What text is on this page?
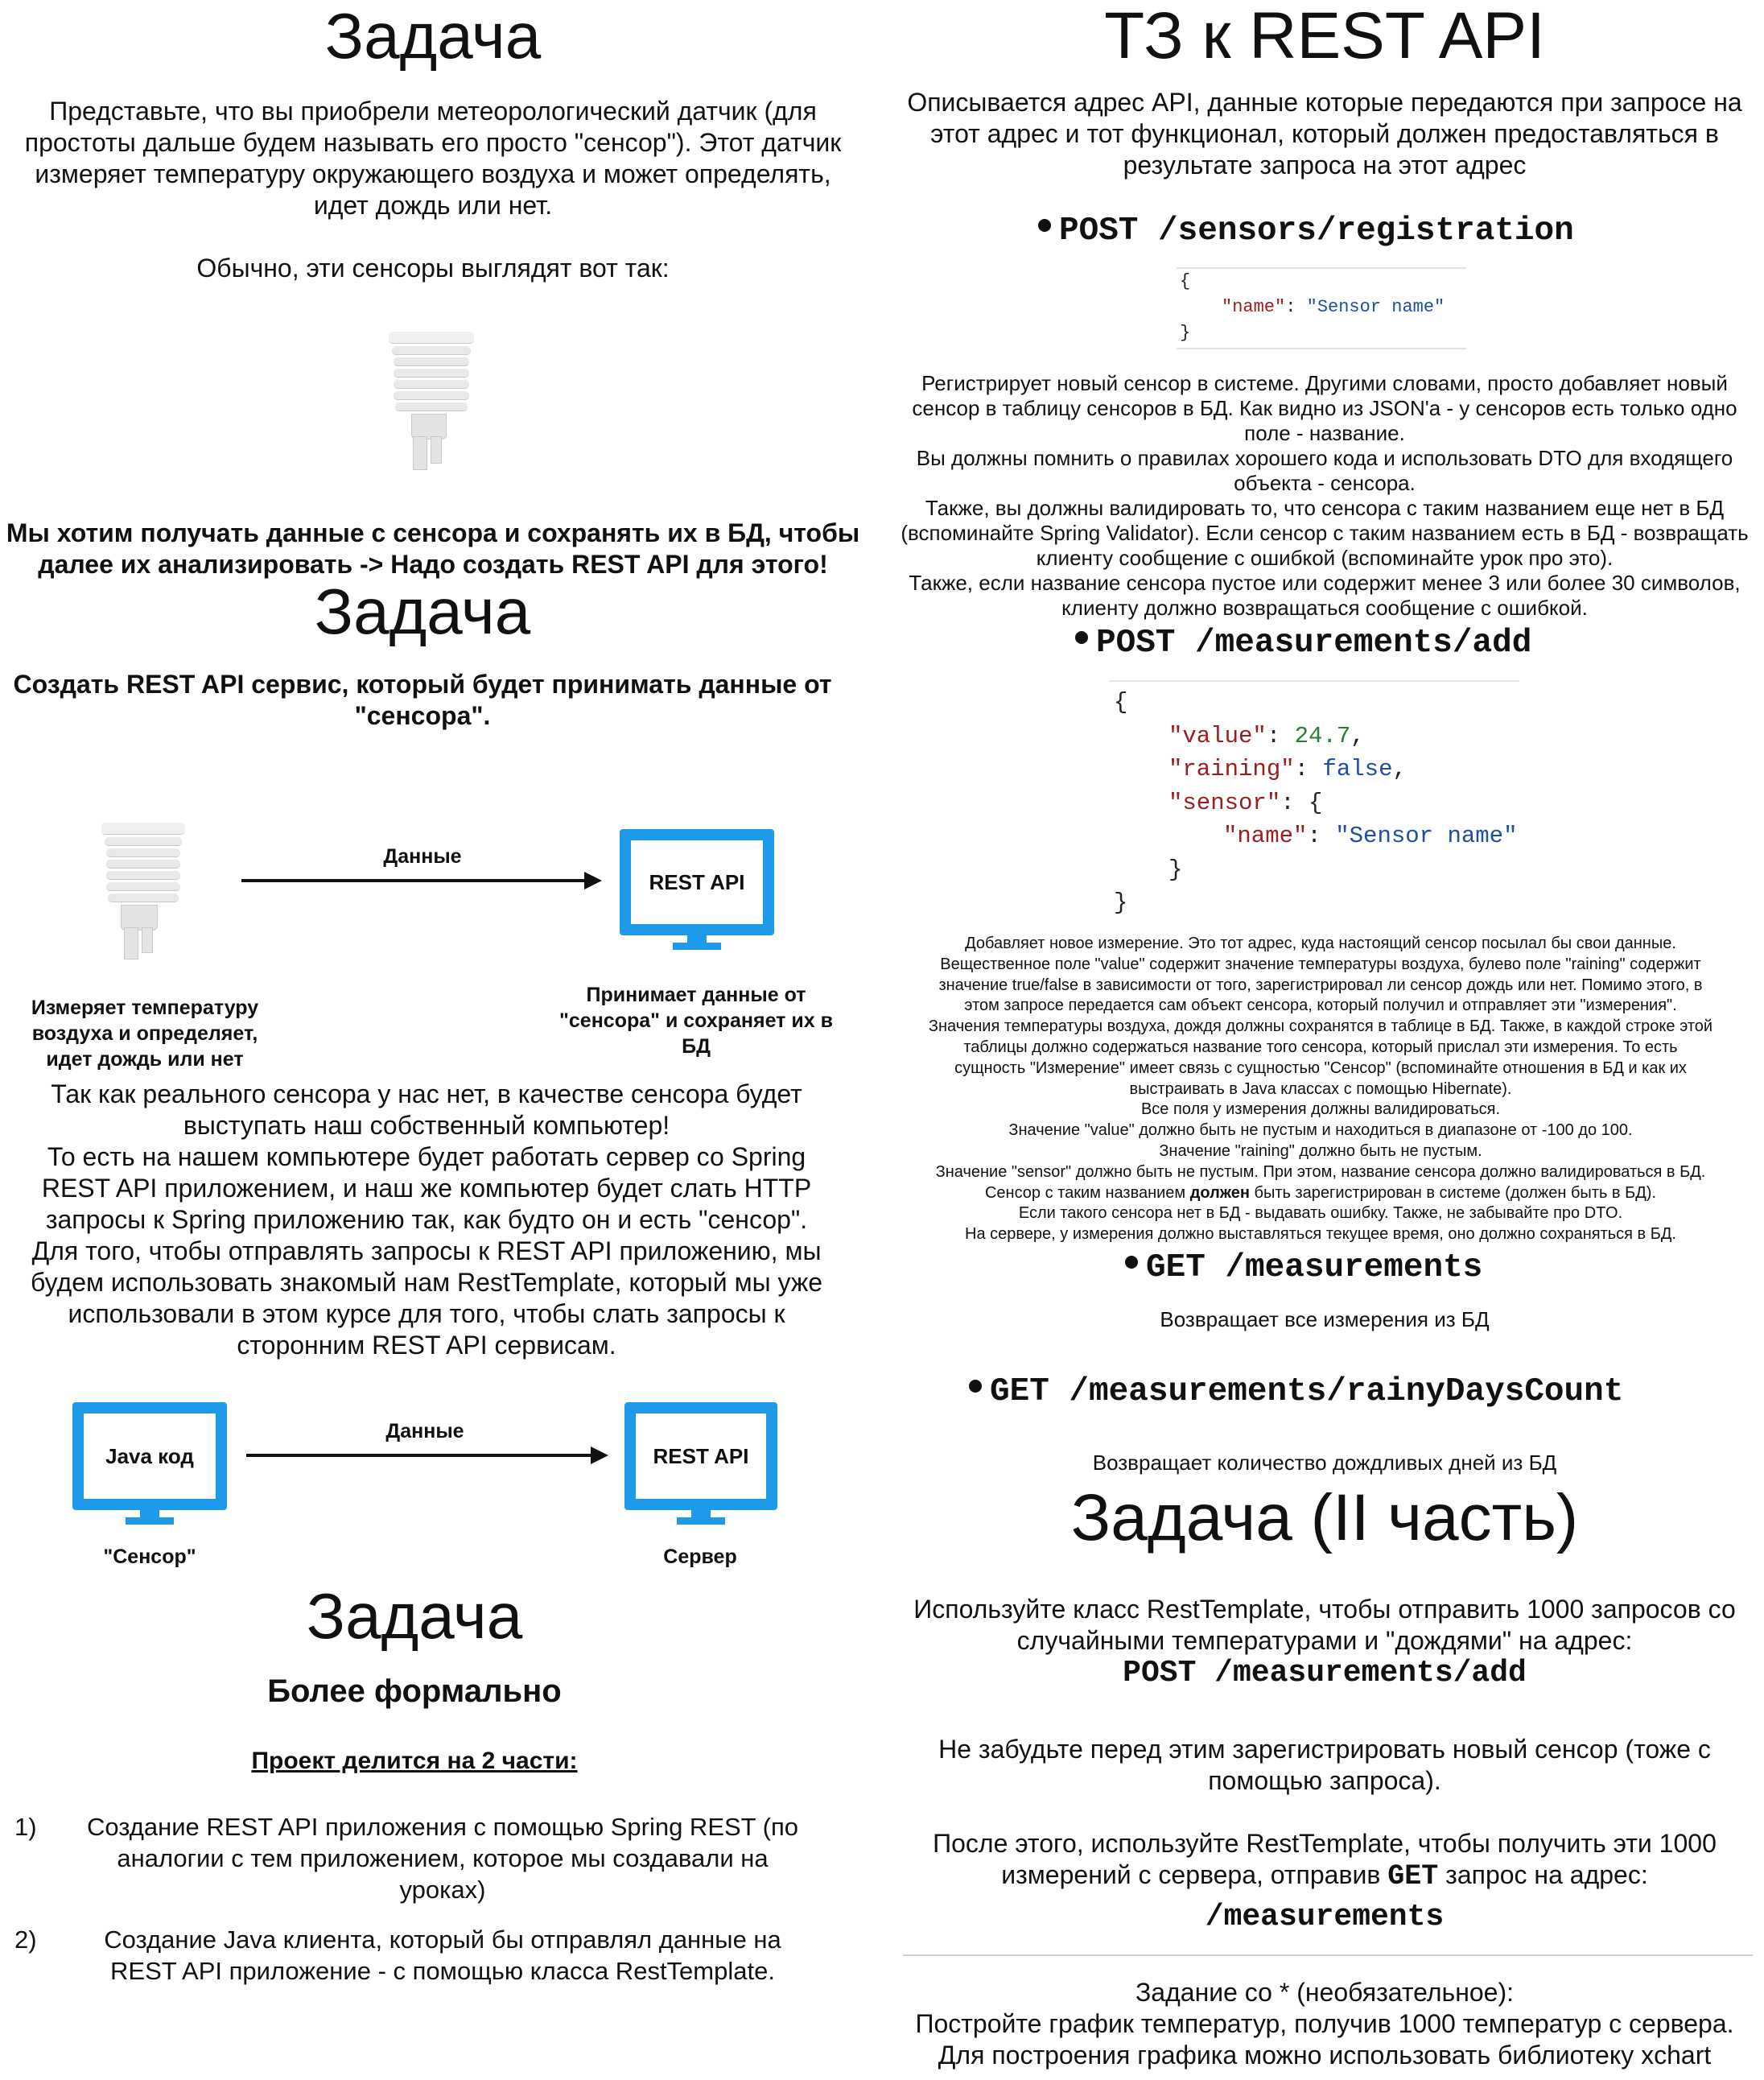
Задача
Представьте, что вы приобрели метеорологический датчик (для
простоты дальше будем называть его просто "сенсор"). Этот датчик
измеряет температуру окружающего воздуха и может определять,
идет дождь или нет.
Обычно, эти сенсоры выглядят вот так:
Мы хотим получать данные с сенсора и сохранять их в БД, чтобы
далее их анализировать -> Надо создать REST API для этого!
Задача
Создать REST API сервис, который будет принимать данные от
"сенсора".
Данные
REST API
Измеряет температуру
воздуха и определяет,
идет дождь или нет
Принимает данные от
"сенсора" и сохраняет их в
БД
Так как реального сенсора у нас нет, в качестве сенсора будет
выступать наш собственный компьютер!
То есть на нашем компьютере будет работать сервер со Spring
REST API приложением, и наш же компьютер будет слать HTTP
запросы к Spring приложению так, как будто он и есть "сенсор".
Для того, чтобы отправлять запросы к REST API приложению, мы
будем использовать знакомый нам RestTemplate, который мы уже
использовали в этом курсе для того, чтобы слать запросы к
сторонним REST API сервисам.
Java код
Данные
REST API
"Сенсор"	Сервер
Задача
Более формально
Проект делится на 2 части:
1)	Создание REST API приложения с помощью Spring REST (по
аналогии с тем приложением, которое мы создавали на
уроках)
2)	Создание Java клиента, который бы отправлял данные на
REST API приложение - с помощью класса RestTemplate.
ТЗ к REST API
Описывается адрес API, данные которые передаются при запросе на
этот адрес и тот функционал, который должен предоставляться в
результате запроса на этот адрес
POST /sensors/registration
{
"name": "Sensor name"
}
Регистрирует новый сенсор в системе. Другими словами, просто добавляет новый
сенсор в таблицу сенсоров в БД. Как видно из JSON'a - у сенсоров есть только одно
поле - название.
Вы должны помнить о правилах хорошего кода и использовать DTO для входящего
объекта - сенсора.
Также, вы должны валидировать то, что сенсора с таким названием еще нет в БД
(вспоминайте Spring Validator). Если сенсор с таким названием есть в БД - возвращать
клиенту сообщение с ошибкой (вспоминайте урок про это).
Также, если название сенсора пустое или содержит менее 3 или более 30 символов,
клиенту должно возвращаться сообщение с ошибкой.
POST /measurements/add
{
"value": 24.7,
"raining": false,
"sensor": {
"name": "Sensor name"
}
}
Добавляет новое измерение. Это тот адрес, куда настоящий сенсор посылал бы свои данные.
Вещественное поле "value" содержит значение температуры воздуха, булево поле "raining" содержит
значение true/false в зависимости от того, зарегистрировал ли сенсор дождь или нет. Помимо этого, в
этом запросе передается сам объект сенсора, который получил и отправляет эти "измерения".
Значения температуры воздуха, дождя должны сохранятся в таблице в БД. Также, в каждой строке этой
таблицы должно содержаться название того сенсора, который прислал эти измерения. То есть
сущность "Измерение" имеет связь с сущностью "Сенсор" (вспоминайте отношения в БД и как их
выстраивать в Java классах с помощью Hibernate).
Все поля у измерения должны валидироваться.
Значение "value" должно быть не пустым и находиться в диапазоне от -100 до 100.
Значение "raining" должно быть не пустым.
Значение "sensor" должно быть не пустым. При этом, название сенсора должно валидироваться в БД.
Сенсор с таким названием должен быть зарегистрирован в системе (должен быть в БД).
Если такого сенсора нет в БД - выдавать ошибку. Также, не забывайте про DTO.
На сервере, у измерения должно выставляться текущее время, оно должно сохраняться в БД.
GET /measurements
Возвращает все измерения из БД
GET /measurements/rainyDaysCount
Возвращает количество дождливых дней из БД
Задача (II часть)
Используйте класс RestTemplate, чтобы отправить 1000 запросов со
случайными температурами и "дождями" на адрес:
POST /measurements/add
Не забудьте перед этим зарегистрировать новый сенсор (тоже с
помощью запроса).
После этого, используйте RestTemplate, чтобы получить эти 1000
измерений с сервера, отправив GET запрос на адрес:
/measurements
Задание со * (необязательное):
Постройте график температур, получив 1000 температур с сервера.
Для построения графика можно использовать библиотеку xchart
